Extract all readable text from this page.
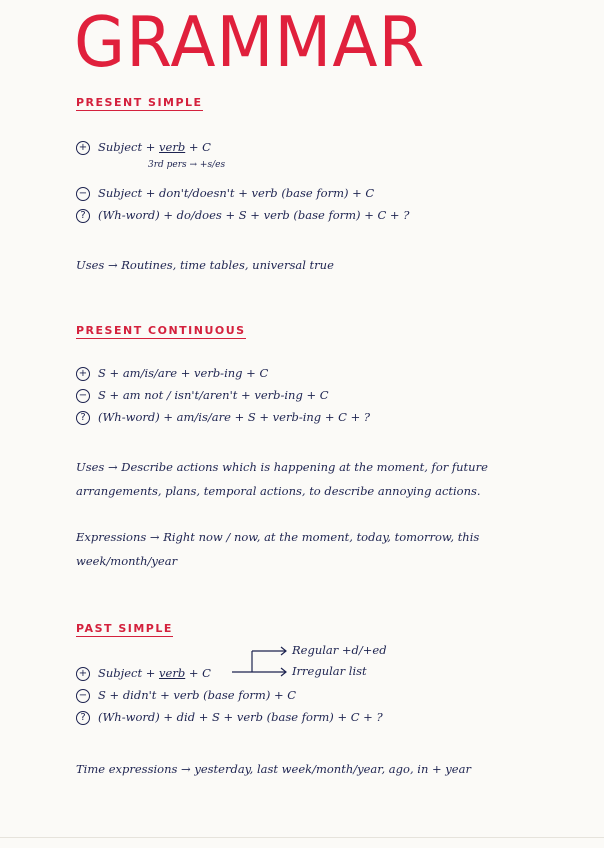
GRAMMAR
PRESENT SIMPLE
+ Subject + verb + C
3rd pers → +s/es
− Subject + don't/doesn't + verb (base form) + C
? (Wh-word) + do/does + S + verb (base form) + C + ?
Uses → Routines, time tables, universal true
PRESENT CONTINUOUS
+ S + am/is/are + verb-ing + C
− S + am not / isn't/aren't + verb-ing + C
? (Wh-word) + am/is/are + S + verb-ing + C + ?
Uses → Describe actions which is happening at the moment, for future
arrangements, plans, temporal actions, to describe annoying actions.
Expressions → Right now / now, at the moment, today, tomorrow, this
week/month/year
PAST SIMPLE
Regular +d/+ed
Irregular list
+ Subject + verb + C
− S + didn't + verb (base form) + C
? (Wh-word) + did + S + verb (base form) + C + ?
Time expressions → yesterday, last week/month/year, ago, in + year
